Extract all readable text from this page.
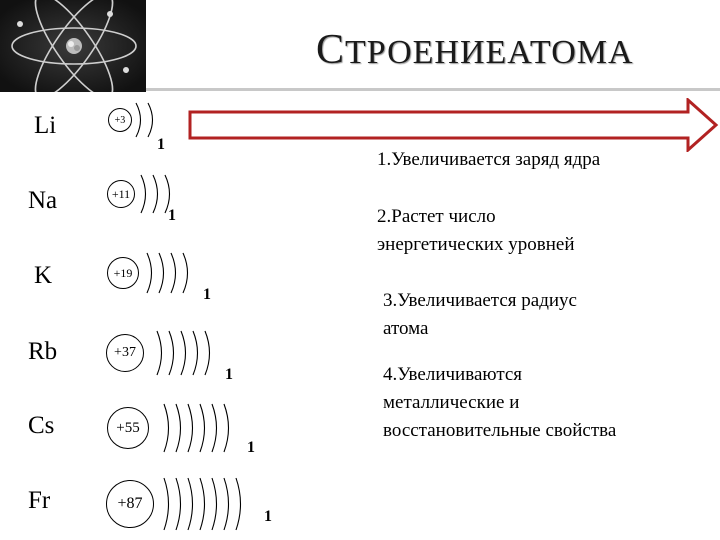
СТРОЕНИЕАТОМА
Li	+3
1
Na	+11
1
K	+19
1
Rb	+37
1
Cs	+55
1
Fr	+87
1
1.Увеличивается заряд ядра
2.Растет число
энергетических уровней
3.Увеличивается радиус
атома
4.Увеличиваются
металлические и
восстановительные свойства
